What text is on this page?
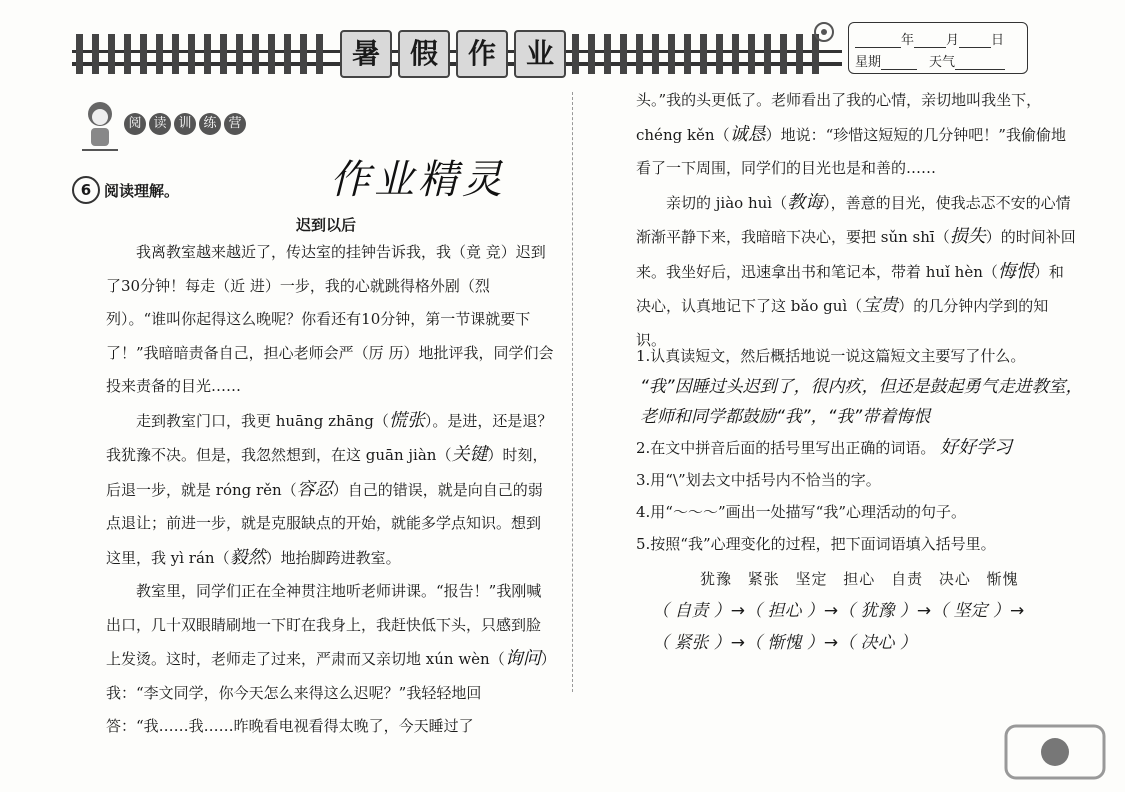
暑	假	作	业	年 月 日
星期	天气
阅 读 训 练 营
作业精灵
6 阅读理解。
迟到以后

我离教室越来越近了，传达室的挂钟告诉我，我（竟 竞）迟到了30分钟！每走（近 进）一步，我的心就跳得格外剧（烈 列）。“谁叫你起得这么晚呢？你看还有10分钟，第一节课就要下了！”我暗暗责备自己，担心老师会严（厉 历）地批评我，同学们会投来责备的目光……

走到教室门口，我更 huāng zhāng（慌张）。是进，还是退？我犹豫不决。但是，我忽然想到，在这 guān jiàn（关键）时刻，后退一步，就是 róng rěn（容忍）自己的错误，就是向自己的弱点退让；前进一步，就是克服缺点的开始，就能多学点知识。想到这里，我 yì rán（毅然）地抬脚跨进教室。

教室里，同学们正在全神贯注地听老师讲课。“报告！”我刚喊出口，几十双眼睛刷地一下盯在我身上，我赶快低下头，只感到脸上发烫。这时，老师走了过来，严肃而又亲切地 xún wèn（询问）我：“李文同学，你今天怎么来得这么迟呢？”我轻轻地回答：“我……我……昨晚看电视看得太晚了，今天睡过了

头。”我的头更低了。老师看出了我的心情，亲切地叫我坐下，chéng kěn（诚恳）地说：“珍惜这短短的几分钟吧！”我偷偷地看了一下周围，同学们的目光也是和善的……

亲切的 jiào huì（教诲），善意的目光，使我忐忑不安的心情渐渐平静下来，我暗暗下决心，要把 sǔn shī（损失）的时间补回来。我坐好后，迅速拿出书和笔记本，带着 huǐ hèn（悔恨）和决心，认真地记下了这 bǎo guì（宝贵）的几分钟内学到的知识。

1.认真读短文，然后概括地说一说这篇短文主要写了什么。
“我”因睡过头迟到了，很内疚，但还是鼓起勇气走进教室，老师和同学都鼓励“我”，“我”带着悔恨
2.在文中拼音后面的括号里写出正确的词语。 好好学习
3.用“\”划去文中括号内不恰当的字。
4.用“～～～”画出一处描写“我”心理活动的句子。
5.按照“我”心理变化的过程，把下面词语填入括号里。
犹豫 紧张 坚定 担心 自责 决心 惭愧
（ 自责 ）→（ 担心 ）→（ 犹豫 ）→（ 坚定 ）→
（ 紧张 ）→（ 惭愧 ）→（ 决心 ）
